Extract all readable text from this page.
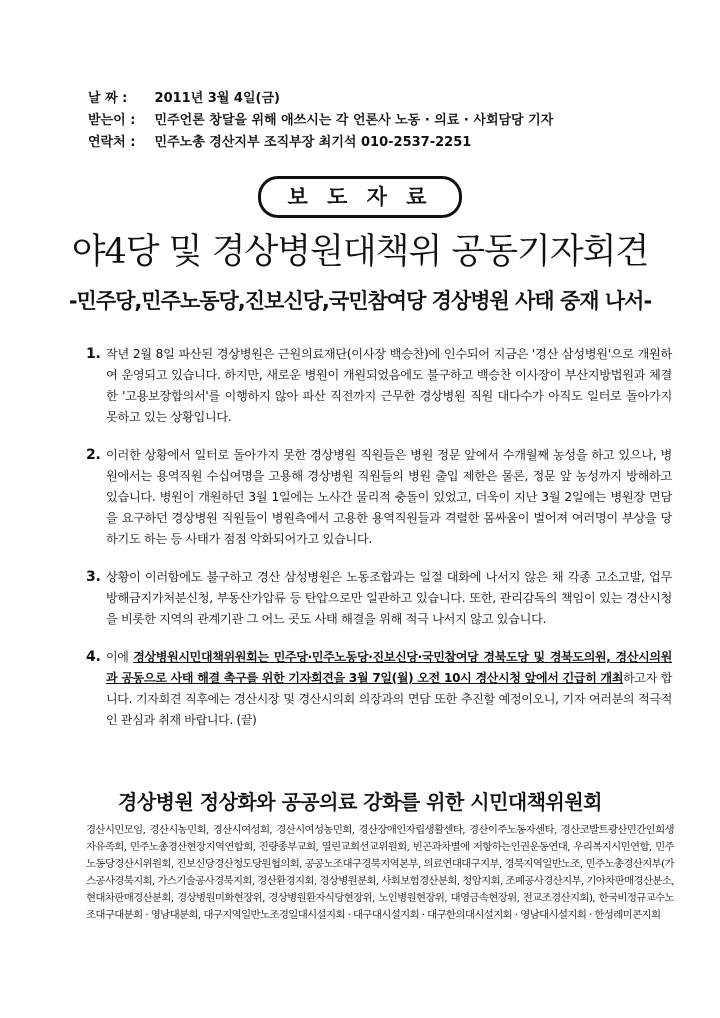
날 짜 : 2011년 3월 4일(금)
받는이 : 민주언론 창달을 위해 애쓰시는 각 언론사 노동 · 의료 · 사회담당 기자
연락처 : 민주노총 경산지부 조직부장 최기석 010-2537-2251
보 도 자 료
야4당 및 경상병원대책위 공동기자회견
-민주당,민주노동당,진보신당,국민참여당 경상병원 사태 중재 나서-
1. 작년 2월 8일 파산된 경상병원은 근원의료재단(이사장 백승찬)에 인수되어 지금은 '경산 삼성병원'으로 개원하여 운영되고 있습니다. 하지만, 새로운 병원이 개원되었음에도 불구하고 백승찬 이사장이 부산지방법원과 체결한 '고용보장합의서'를 이행하지 않아 파산 직전까지 근무한 경상병원 직원 대다수가 아직도 일터로 돌아가지 못하고 있는 상황입니다.
2. 이러한 상황에서 일터로 돌아가지 못한 경상병원 직원들은 병원 정문 앞에서 수개월째 농성을 하고 있으나, 병원에서는 용역직원 수십여명을 고용해 경상병원 직원들의 병원 출입 제한은 물론, 정문 앞 농성까지 방해하고 있습니다. 병원이 개원하던 3월 1일에는 노사간 물리적 충돌이 있었고, 더욱이 지난 3월 2일에는 병원장 면담을 요구하던 경상병원 직원들이 병원측에서 고용한 용역직원들과 격렬한 몸싸움이 벌어져 여러명이 부상을 당하기도 하는 등 사태가 점점 악화되어가고 있습니다.
3. 상황이 이러함에도 불구하고 경산 삼성병원은 노동조합과는 일절 대화에 나서지 않은 채 각종 고소고발, 업무방해금지가처분신청, 부동산가압류 등 탄압으로만 일관하고 있습니다. 또한, 관리감독의 책임이 있는 경산시청을 비롯한 지역의 관계기관 그 어느 곳도 사태 해결을 위해 적극 나서지 않고 있습니다.
4. 이에 경상병원시민대책위원회는 민주당·민주노동당·진보신당·국민참여당 경북도당 및 경북도의원, 경산시의원과 공동으로 사태 해결 촉구를 위한 기자회견을 3월 7일(월) 오전 10시 경산시청 앞에서 긴급히 개최하고자 합니다. 기자회견 직후에는 경산시장 및 경산시의회 의장과의 면담 또한 추진할 예정이오니, 기자 여러분의 적극적인 관심과 취재 바랍니다. (끝)
경상병원 정상화와 공공의료 강화를 위한 시민대책위원회
경산시민모임, 경산시농민회, 경산시여성회, 경산시여성농민회, 경산장애인자립생활센타, 경산이주노동자센타, 경산코발트광산민간인희생자유족회, 민주노총경산현장지역연합회, 진량종부교회, 열린교회선교위원회, 빈곤과차별에 저항하는인권운동연대, 우리복지시민연합, 민주노동당경산시위원회, 진보신당경산청도당원협의회, 공공노조대구경북지역본부, 의료연대대구지부, 경북지역일반노조, 민주노총경산지부(가스공사경북지회, 가스기술공사경북지회, 경산환경지회, 경상병원분회, 사회보험경산분회, 청암지회, 조폐공사경산지부, 기아차판매경산분소, 현대차판매경산분회, 경상병원미화현장위, 경상병원환자식당현장위, 노인병원현장위, 대영금속현장위, 전교조경산지회), 한국비정규교수노조대구대분회 · 영남대분회, 대구지역일반노조경일대시설지회 · 대구대시설지회 · 대구한의대시설지회 · 영남대시설지회 · 한성레미콘지회
